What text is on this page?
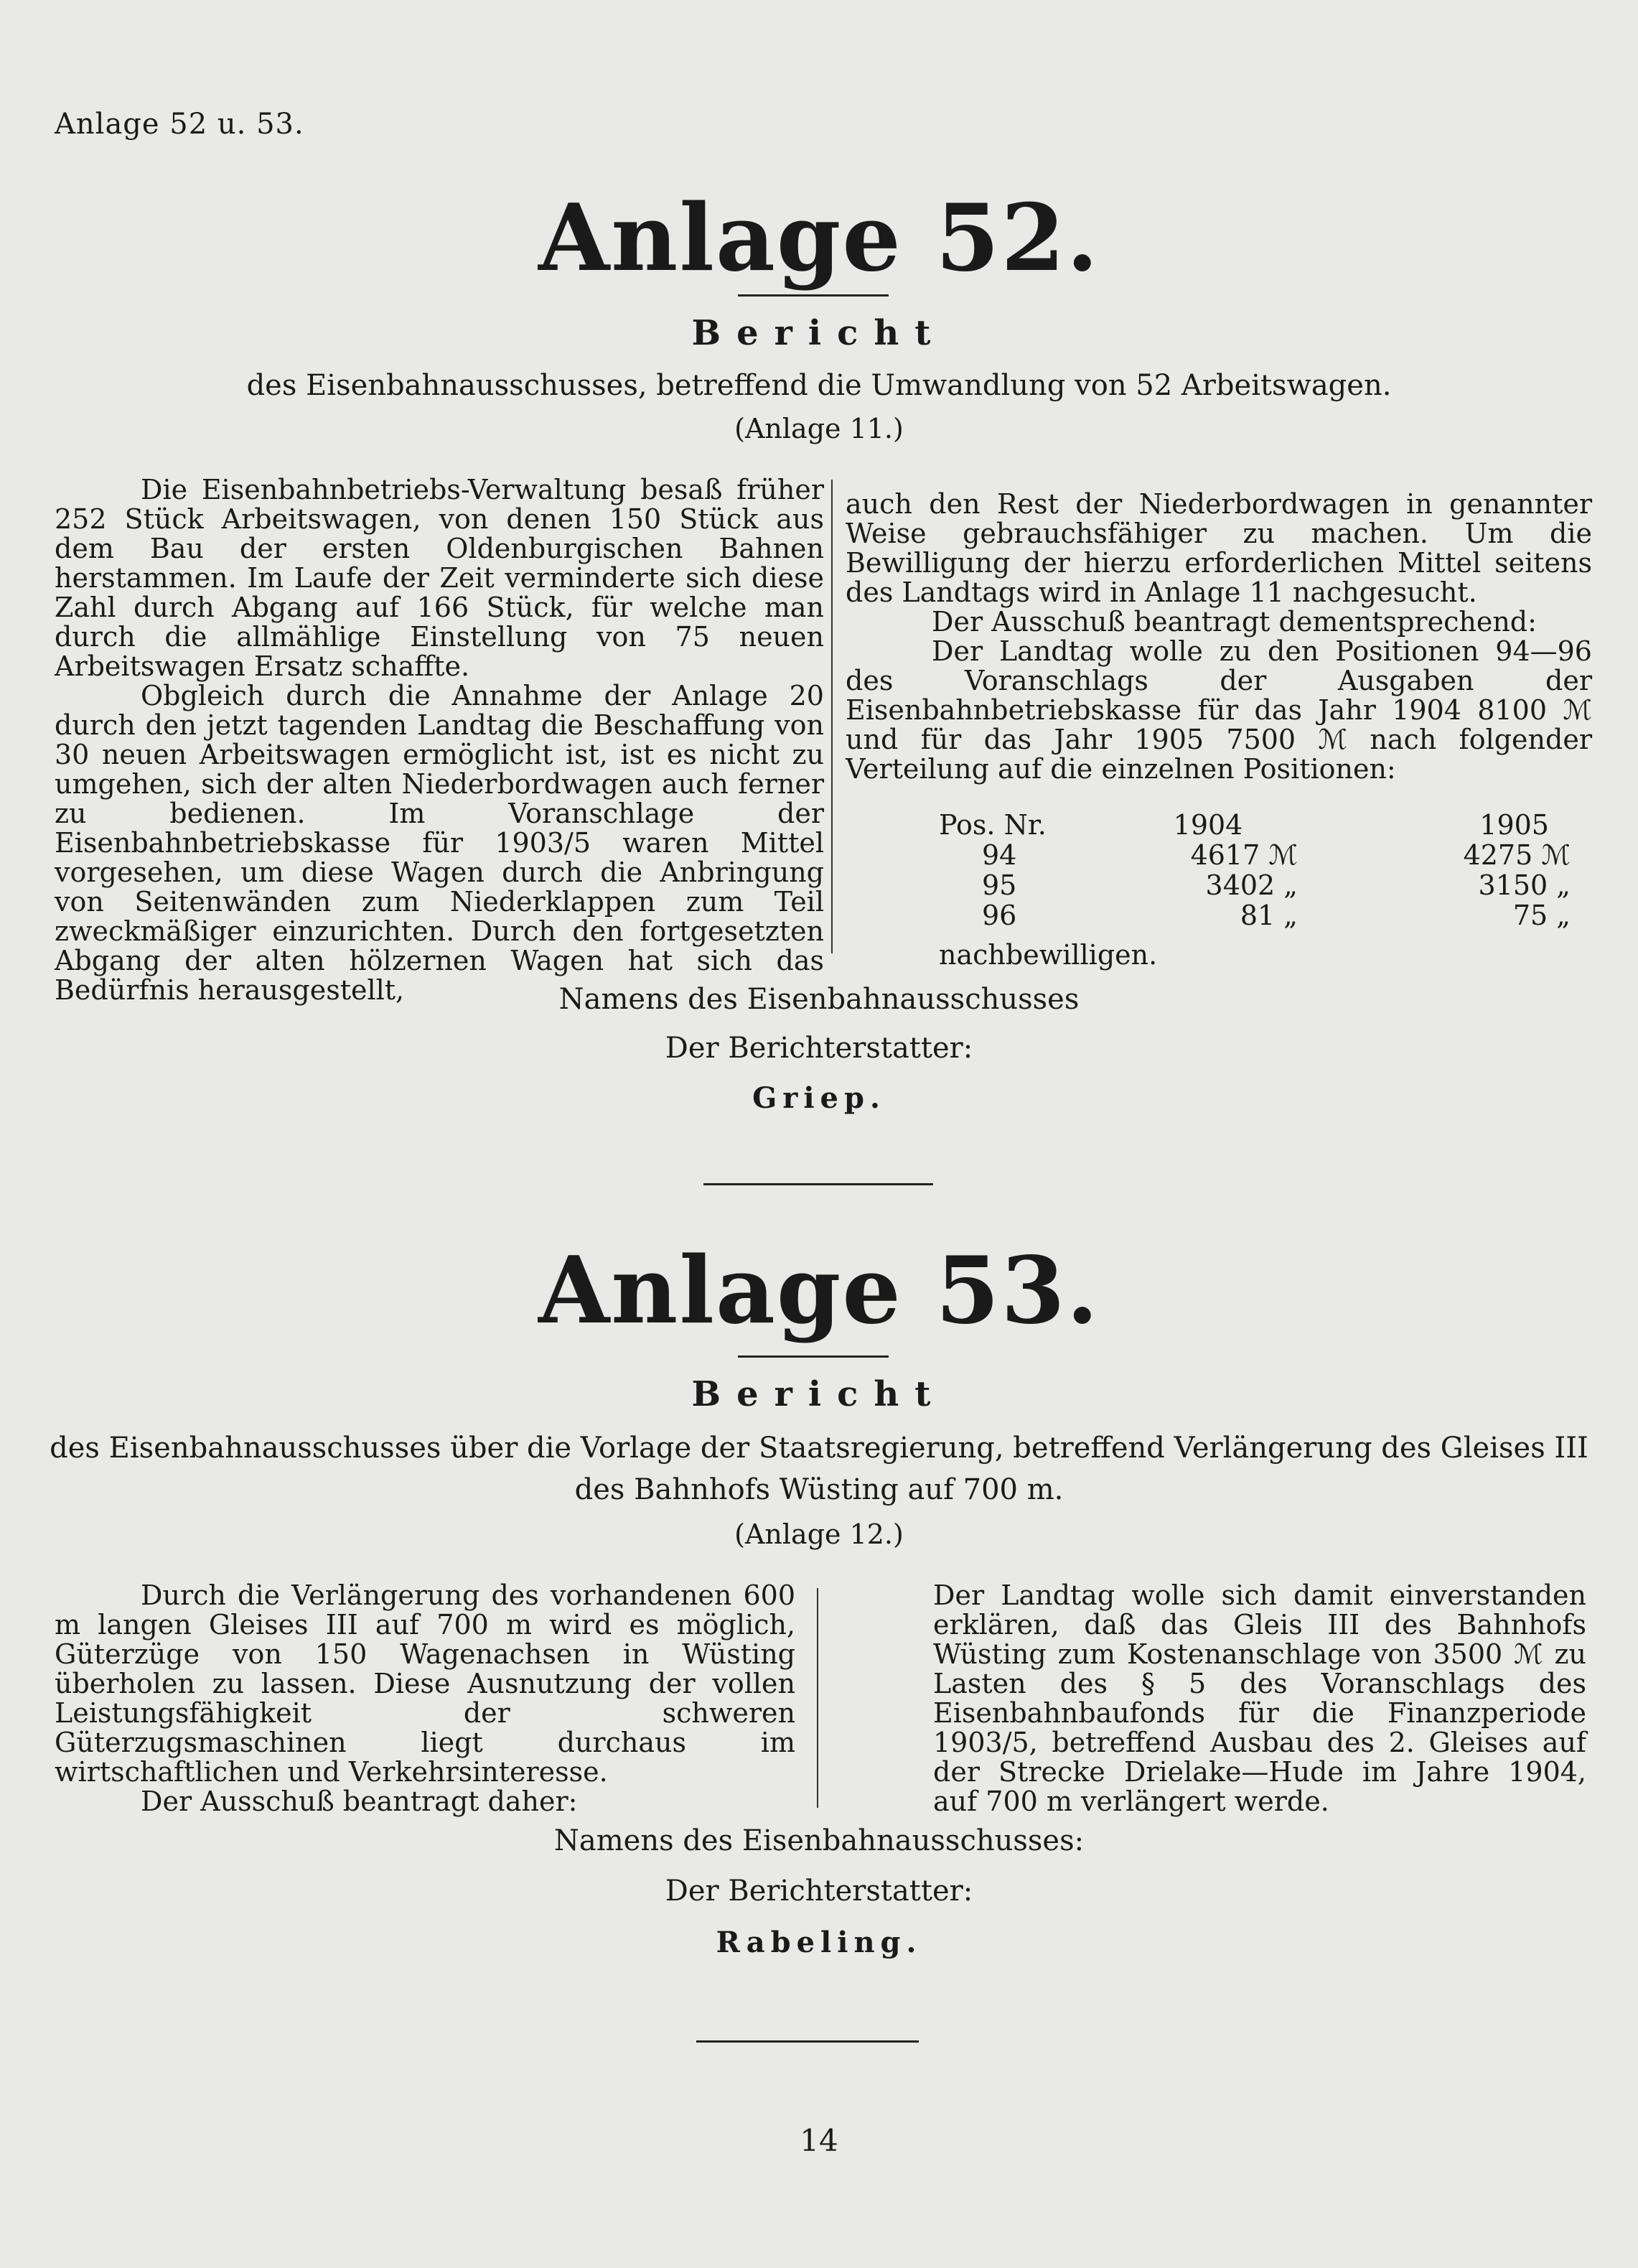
Anlage 52 u. 53.
Anlage 52.
Bericht
des Eisenbahnausschusses, betreffend die Umwandlung von 52 Arbeitswagen.
(Anlage 11.)

Die Eisenbahnbetriebs-Verwaltung besaß früher 252 Stück Arbeitswagen, von denen 150 Stück aus dem Bau der ersten Oldenburgischen Bahnen herstammen. Im Laufe der Zeit verminderte sich diese Zahl durch Abgang auf 166 Stück, für welche man durch die allmählige Einstellung von 75 neuen Arbeitswagen Ersatz schaffte.

Obgleich durch die Annahme der Anlage 20 durch den jetzt tagenden Landtag die Beschaffung von 30 neuen Arbeitswagen ermöglicht ist, ist es nicht zu umgehen, sich der alten Niederbordwagen auch ferner zu bedienen. Im Voranschlage der Eisenbahnbetriebskasse für 1903/5 waren Mittel vorgesehen, um diese Wagen durch die Anbringung von Seitenwänden zum Niederklappen zum Teil zweckmäßiger einzurichten. Durch den fortgesetzten Abgang der alten hölzernen Wagen hat sich das Bedürfnis herausgestellt,

auch den Rest der Niederbordwagen in genannter Weise gebrauchsfähiger zu machen. Um die Bewilligung der hierzu erforderlichen Mittel seitens des Landtags wird in Anlage 11 nachgesucht.

Der Ausschuß beantragt dementsprechend:

Der Landtag wolle zu den Positionen 94—96 des Voranschlags der Ausgaben der Eisenbahnbetriebskasse für das Jahr 1904 8100 ℳ und für das Jahr 1905 7500 ℳ nach folgender Verteilung auf die einzelnen Positionen:

Pos. Nr.	1904	1905
94	4617 ℳ	4275 ℳ
95	3402 „	3150 „
96	81 „	75 „

nachbewilligen.

Namens des Eisenbahnausschusses
Der Berichterstatter:
Griep.
Anlage 53.
Bericht
des Eisenbahnausschusses über die Vorlage der Staatsregierung, betreffend Verlängerung des Gleises III
des Bahnhofs Wüsting auf 700 m.
(Anlage 12.)

Durch die Verlängerung des vorhandenen 600 m langen Gleises III auf 700 m wird es möglich, Güterzüge von 150 Wagenachsen in Wüsting überholen zu lassen. Diese Ausnutzung der vollen Leistungsfähigkeit der schweren Güterzugsmaschinen liegt durchaus im wirtschaftlichen und Verkehrsinteresse.

Der Ausschuß beantragt daher:

Der Landtag wolle sich damit einverstanden erklären, daß das Gleis III des Bahnhofs Wüsting zum Kostenanschlage von 3500 ℳ zu Lasten des § 5 des Voranschlags des Eisenbahnbaufonds für die Finanzperiode 1903/5, betreffend Ausbau des 2. Gleises auf der Strecke Drielake—Hude im Jahre 1904, auf 700 m verlängert werde.

Namens des Eisenbahnausschusses:
Der Berichterstatter:
Rabeling.
14
